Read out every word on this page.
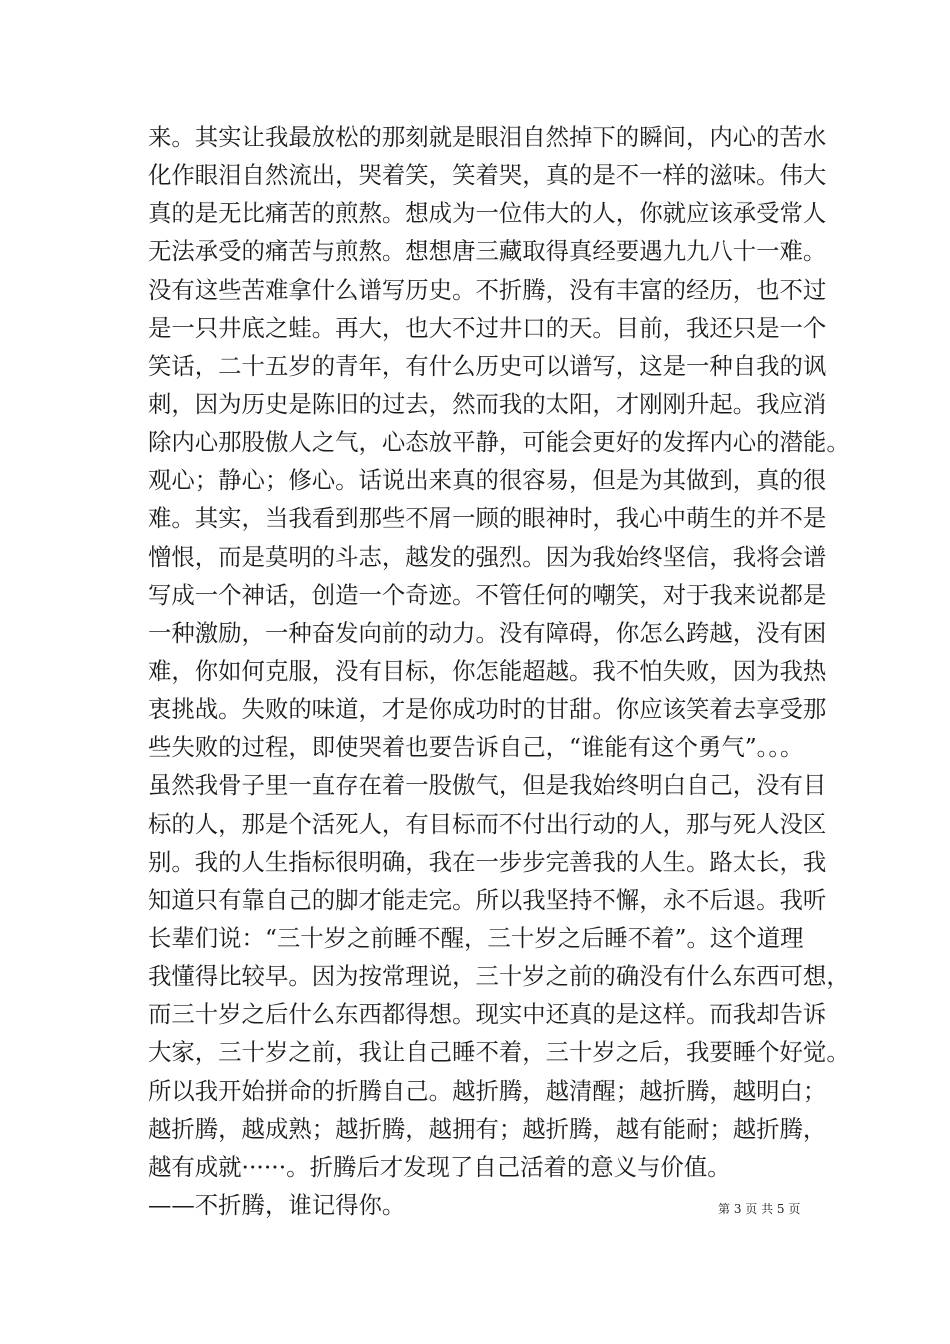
来。其实让我最放松的那刻就是眼泪自然掉下的瞬间，内心的苦水
化作眼泪自然流出，哭着笑，笑着哭，真的是不一样的滋味。伟大
真的是无比痛苦的煎熬。想成为一位伟大的人，你就应该承受常人
无法承受的痛苦与煎熬。想想唐三藏取得真经要遇九九八十一难。
没有这些苦难拿什么谱写历史。不折腾，没有丰富的经历，也不过
是一只井底之蛙。再大，也大不过井口的天。目前，我还只是一个
笑话，二十五岁的青年，有什么历史可以谱写，这是一种自我的讽
刺，因为历史是陈旧的过去，然而我的太阳，才刚刚升起。我应消
除内心那股傲人之气，心态放平静，可能会更好的发挥内心的潜能。
观心；静心；修心。话说出来真的很容易，但是为其做到，真的很
难。其实，当我看到那些不屑一顾的眼神时，我心中萌生的并不是
憎恨，而是莫明的斗志，越发的强烈。因为我始终坚信，我将会谱
写成一个神话，创造一个奇迹。不管任何的嘲笑，对于我来说都是
一种激励，一种奋发向前的动力。没有障碍，你怎么跨越，没有困
难，你如何克服，没有目标，你怎能超越。我不怕失败，因为我热
衷挑战。失败的味道，才是你成功时的甘甜。你应该笑着去享受那
些失败的过程，即使哭着也要告诉自己，“谁能有这个勇气”。。。
虽然我骨子里一直存在着一股傲气，但是我始终明白自己，没有目
标的人，那是个活死人，有目标而不付出行动的人，那与死人没区
别。我的人生指标很明确，我在一步步完善我的人生。路太长，我
知道只有靠自己的脚才能走完。所以我坚持不懈，永不后退。我听
长辈们说：“三十岁之前睡不醒，三十岁之后睡不着”。这个道理
我懂得比较早。因为按常理说，三十岁之前的确没有什么东西可想，
而三十岁之后什么东西都得想。现实中还真的是这样。而我却告诉
大家，三十岁之前，我让自己睡不着，三十岁之后，我要睡个好觉。
所以我开始拼命的折腾自己。越折腾，越清醒；越折腾，越明白；
越折腾，越成熟；越折腾，越拥有；越折腾，越有能耐；越折腾，
越有成就······。折腾后才发现了自己活着的意义与价值。
——不折腾，谁记得你。	第 3 页 共 5 页
